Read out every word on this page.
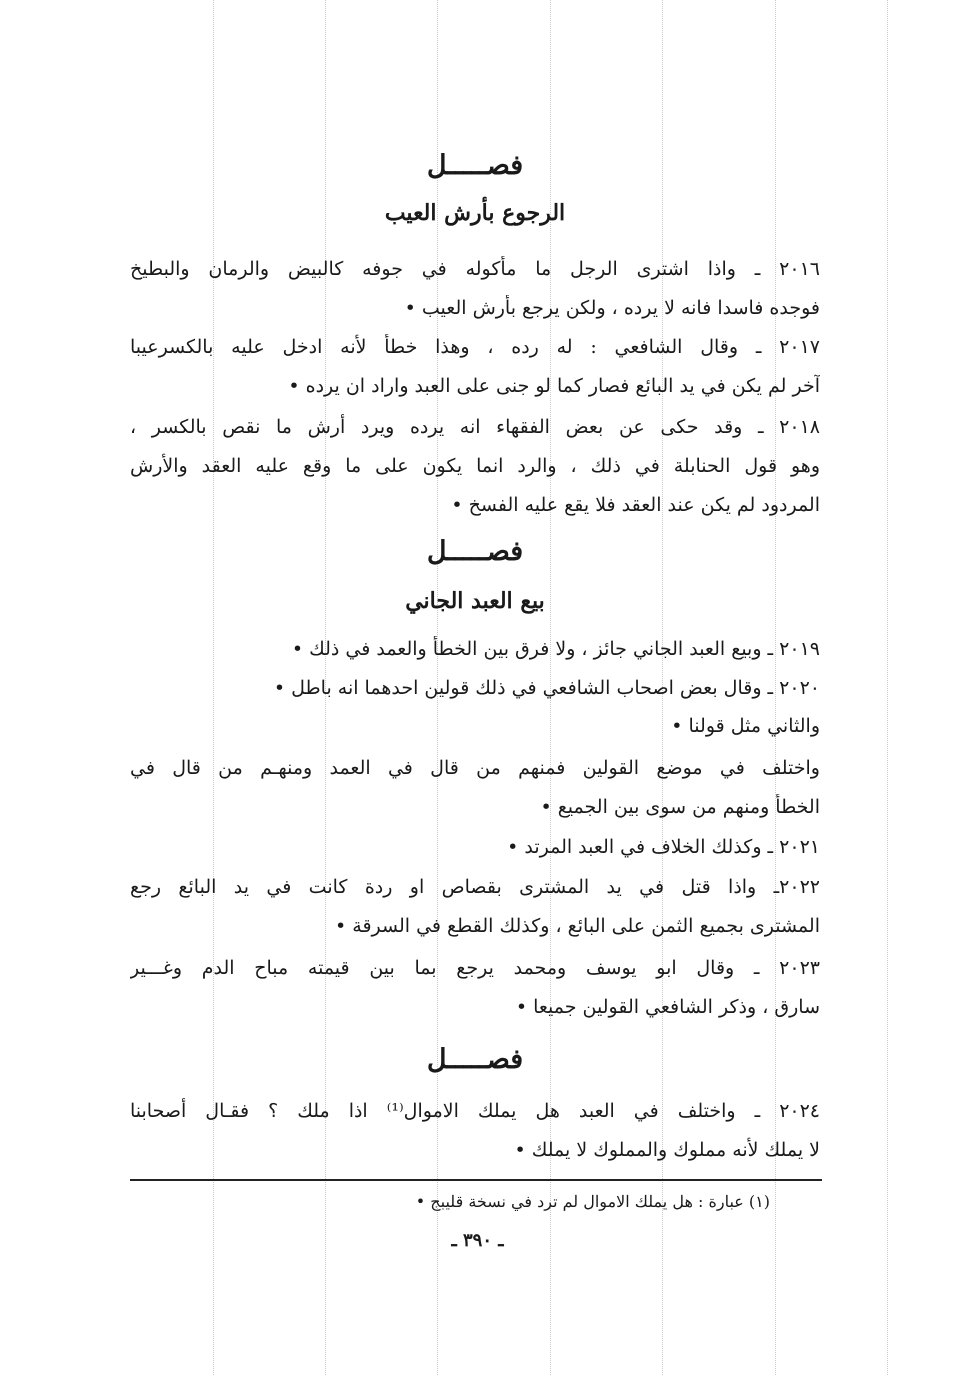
فصـــــل
الرجوع بأرش العيب
٢٠١٦ ـ واذا اشترى الرجل ما مأكوله في جوفه كالبيض والرمان والبطيخ
فوجده فاسدا فانه لا يرده ، ولكن يرجع بأرش العيب •
٢٠١٧ ـ وقال الشافعي : له رده ، وهذا خطأ لأنه ادخل عليه بالكسرعيبا
آخر لم يكن في يد البائع فصار كما لو جنى على العبد واراد ان يرده •
٢٠١٨ ـ وقد حكى عن بعض الفقهاء انه يرده ويرد أرش ما نقص بالكسر ،
وهو قول الحنابلة في ذلك ، والرد انما يكون على ما وقع عليه العقد والأرش
المردود لم يكن عند العقد فلا يقع عليه الفسخ •
فصـــــل
بيع العبد الجاني
٢٠١٩ ـ وبيع العبد الجاني جائز ، ولا فرق بين الخطأ والعمد في ذلك •
٢٠٢٠ ـ وقال بعض اصحاب الشافعي في ذلك قولين احدهما انه باطل •
والثاني مثل قولنا •
واختلف في موضع القولين فمنهم من قال في العمد ومنهـم من قال في
الخطأ ومنهم من سوى بين الجميع •
٢٠٢١ ـ وكذلك الخلاف في العبد المرتد •
٢٠٢٢ـ واذا قتل في يد المشترى بقصاص او ردة كانت في يد البائع رجع
المشترى بجميع الثمن على البائع ، وكذلك القطع في السرقة •
٢٠٢٣ ـ وقال ابو يوسف ومحمد يرجع بما بين قيمته مباح الدم وغـــير
سارق ، وذكر الشافعي القولين جميعا •
فصـــــل
٢٠٢٤ ـ واختلف في العبد هل يملك الاموال⁽¹⁾ اذا ملك ؟ فقـال أصحابنا
لا يملك لأنه مملوك والمملوك لا يملك •
(١) عبارة : هل يملك الاموال لم ترد في نسخة قليبج •
ـ ٣٩٠ ـ
